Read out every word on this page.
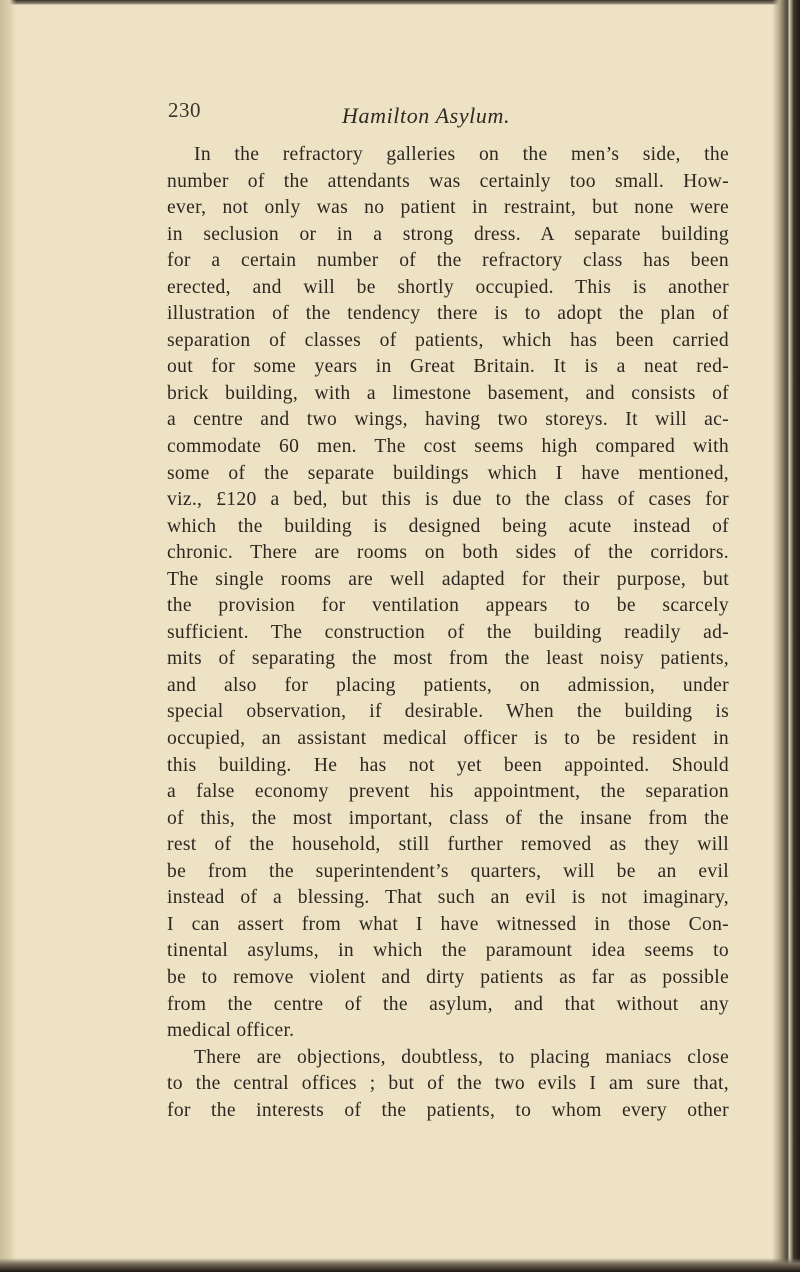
230	Hamilton Asylum.
In the refractory galleries on the men’s side, the
number of the attendants was certainly too small. How-
ever, not only was no patient in restraint, but none were
in seclusion or in a strong dress. A separate building
for a certain number of the refractory class has been
erected, and will be shortly occupied. This is another
illustration of the tendency there is to adopt the plan of
separation of classes of patients, which has been carried
out for some years in Great Britain. It is a neat red-
brick building, with a limestone basement, and consists of
a centre and two wings, having two storeys. It will ac-
commodate 60 men. The cost seems high compared with
some of the separate buildings which I have mentioned,
viz., £120 a bed, but this is due to the class of cases for
which the building is designed being acute instead of
chronic. There are rooms on both sides of the corridors.
The single rooms are well adapted for their purpose, but
the provision for ventilation appears to be scarcely
sufficient. The construction of the building readily ad-
mits of separating the most from the least noisy patients,
and also for placing patients, on admission, under
special observation, if desirable. When the building is
occupied, an assistant medical officer is to be resident in
this building. He has not yet been appointed. Should
a false economy prevent his appointment, the separation
of this, the most important, class of the insane from the
rest of the household, still further removed as they will
be from the superintendent’s quarters, will be an evil
instead of a blessing. That such an evil is not imaginary,
I can assert from what I have witnessed in those Con-
tinental asylums, in which the paramount idea seems to
be to remove violent and dirty patients as far as possible
from the centre of the asylum, and that without any
medical officer.
There are objections, doubtless, to placing maniacs close
to the central offices ; but of the two evils I am sure that,
for the interests of the patients, to whom every other
